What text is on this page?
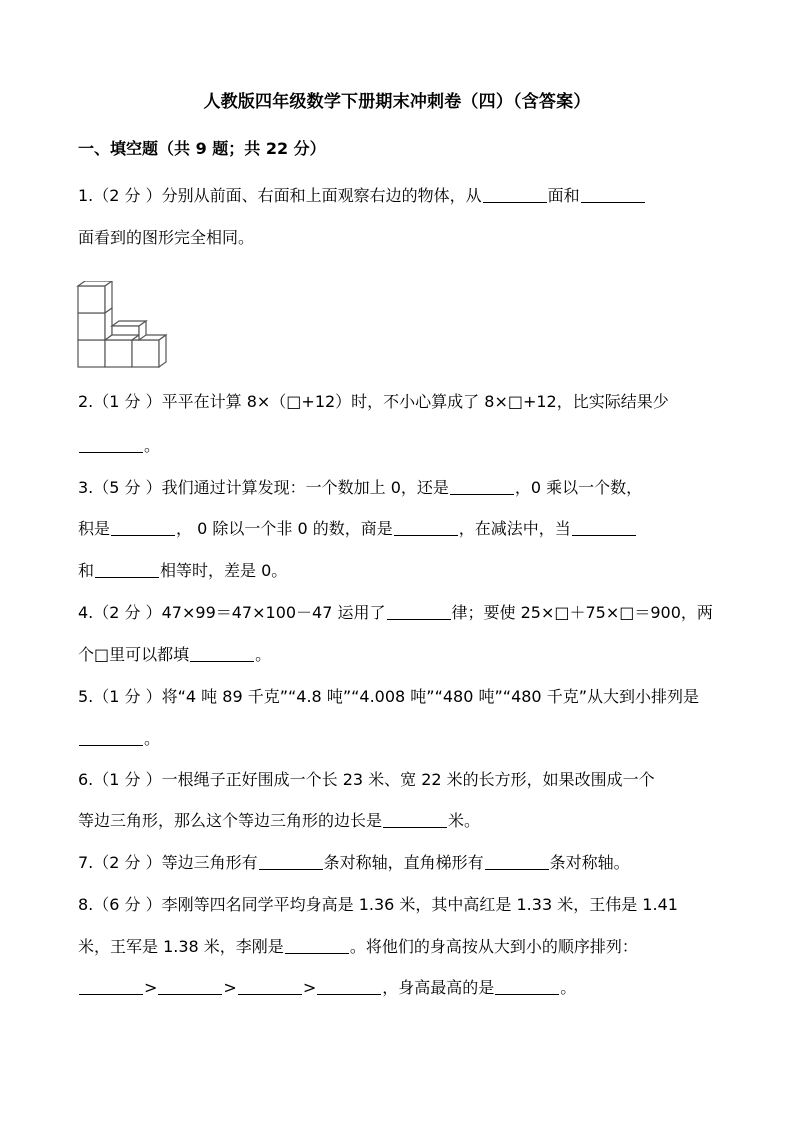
人教版四年级数学下册期末冲刺卷（四）（含答案）
一、填空题（共 9 题；共 22 分）
1.（2 分 ）分别从前面、右面和上面观察右边的物体，从	面和
面看到的图形完全相同。
2.（1 分 ）平平在计算 8×（□+12）时，不小心算成了 8×□+12，比实际结果少
。
3.（5 分 ）我们通过计算发现：一个数加上 0，还是	，0 乘以一个数，
积是	， 0 除以一个非 0 的数，商是	，在减法中，当
和	相等时，差是 0。
4.（2 分 ）47×99＝47×100－47 运用了	律；要使 25×□＋75×□＝900，两
个□里可以都填	。
5.（1 分 ）将“4 吨 89 千克”“4.8 吨”“4.008 吨”“480 吨”“480 千克”从大到小排列是
。
6.（1 分 ）一根绳子正好围成一个长 23 米、宽 22 米的长方形，如果改围成一个
等边三角形，那么这个等边三角形的边长是	米。
7.（2 分 ）等边三角形有	条对称轴，直角梯形有	条对称轴。
8.（6 分 ）李刚等四名同学平均身高是 1.36 米，其中高红是 1.33 米，王伟是 1.41
米，王军是 1.38 米，李刚是	。将他们的身高按从大到小的顺序排列：
>	>	>	，身高最高的是	。
